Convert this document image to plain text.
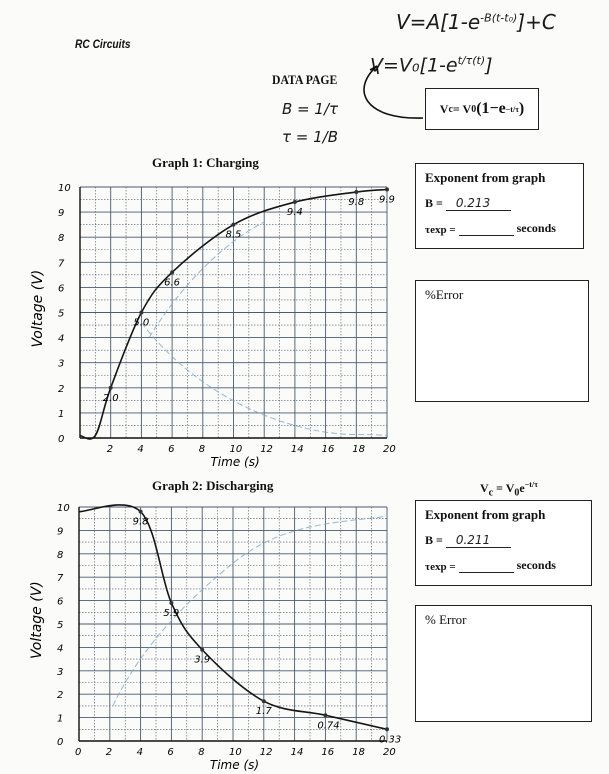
RC Circuits
DATA PAGE
$V=A[1-e^{-B(t-t_0)}]+C$
$V=V_0[1-e^{t/\tau(t)}]$
B = 1/τ
τ = 1/B
V c = V 0 (1−e −t/τ )
Graph 1: Charging
0
1
2
3
4
5
6
7
8
9
10
2 4 6 8 10 12 14 16 18 20
Time (s)
Voltage (V)
2.0
5.0
6.6
8.5
9.4
9.8 9.9
Exponent from graph
B = 0.213
τexp =	seconds
%Error
Graph 2: Discharging	$V_c = V_0e^{-t/\tau}$
0
1
2
3
4
5
6
7
8
9
10
0 2 4 6 8 10 12 14 16 18 20
Time (s)
Voltage (V)
9.8
5.9
3.9
1.7
0.74
0.33
Exponent from graph
B = 0.211
τexp =	seconds
% Error
